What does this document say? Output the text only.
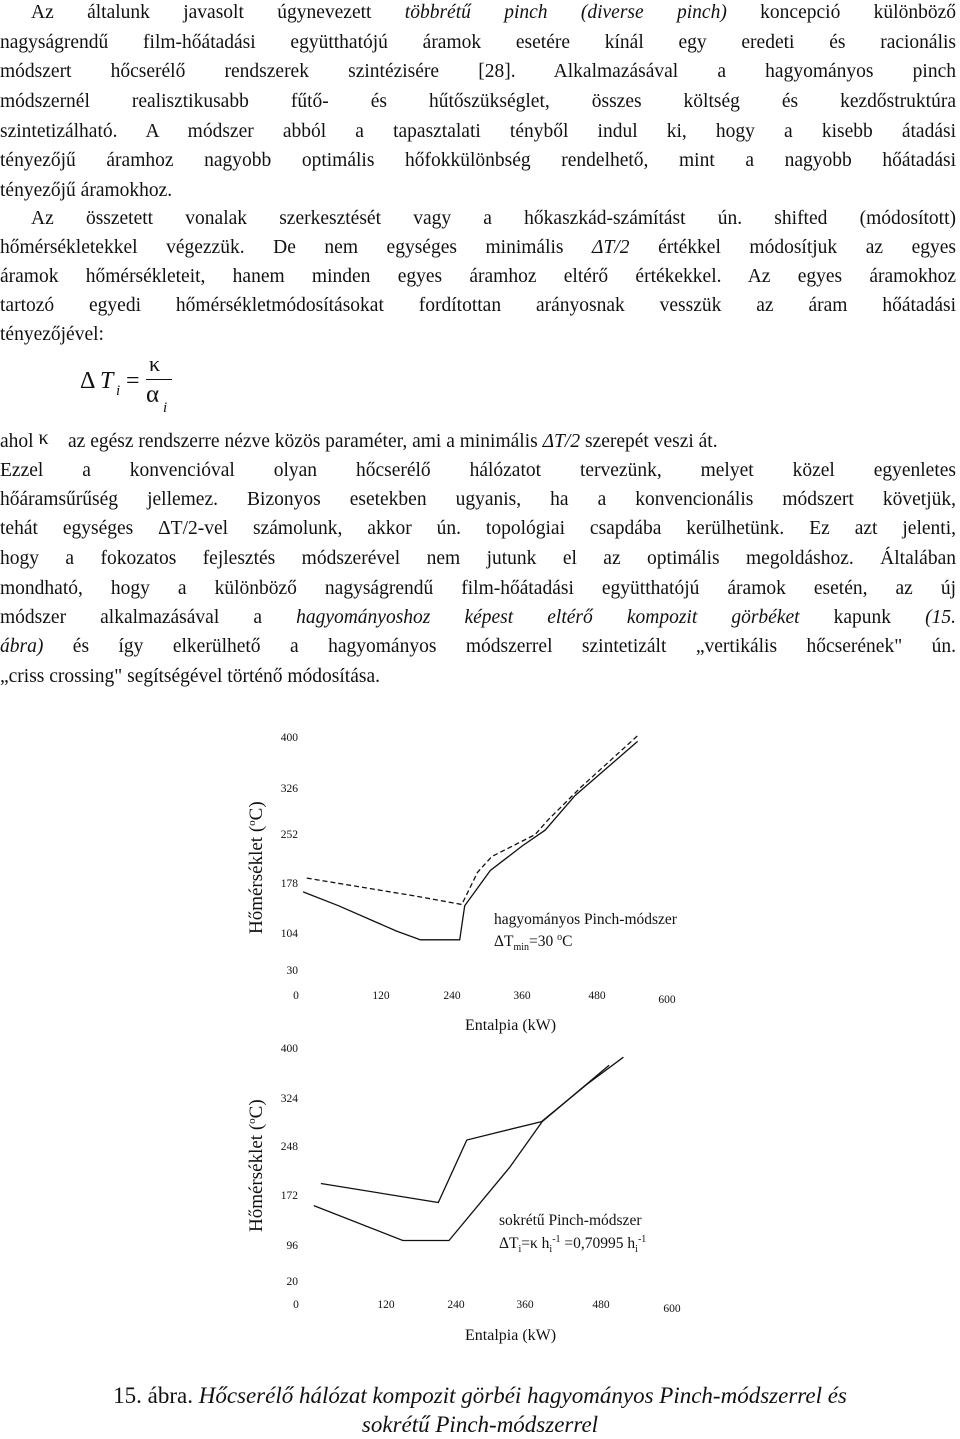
Az általunk javasolt úgynevezett többrétű pinch (diverse pinch) koncepció különböző
nagyságrendű film-hőátadási együtthatójú áramok esetére kínál egy eredeti és racionális
módszert hőcserélő rendszerek szintézisére [28]. Alkalmazásával a hagyományos pinch
módszernél realisztikusabb fűtő- és hűtőszükséglet, összes költség és kezdőstruktúra
szintetizálható. A módszer abból a tapasztalati tényből indul ki, hogy a kisebb átadási
tényezőjű áramhoz nagyobb optimális hőfokkülönbség rendelhető, mint a nagyobb hőátadási
tényezőjű áramokhoz.
Az összetett vonalak szerkesztését vagy a hőkaszkád-számítást ún. shifted (módosított)
hőmérsékletekkel végezzük. De nem egységes minimális ΔT/2 értékkel módosítjuk az egyes
áramok hőmérsékleteit, hanem minden egyes áramhoz eltérő értékekkel. Az egyes áramokhoz
tartozó egyedi hőmérsékletmódosításokat fordítottan arányosnak vesszük az áram hőátadási
tényezőjével:
Δ T i =
κ
α i
ahol κ    az egész rendszerre nézve közös paraméter, ami a minimális ΔT/2 szerepét veszi át.
Ezzel a konvencióval olyan hőcserélő hálózatot tervezünk, melyet közel egyenletes
hőáramsűrűség jellemez. Bizonyos esetekben ugyanis, ha a konvencionális módszert követjük,
tehát egységes ΔT/2-vel számolunk, akkor ún. topológiai csapdába kerülhetünk. Ez azt jelenti,
hogy a fokozatos fejlesztés módszerével nem jutunk el az optimális megoldáshoz. Általában
mondható, hogy a különböző nagyságrendű film-hőátadási együtthatójú áramok esetén, az új
módszer alkalmazásával a hagyományoshoz képest eltérő kompozit görbéket kapunk (15.
ábra) és így elkerülhető a hagyományos módszerrel szintetizált „vertikális hőcserének" ún.
„criss crossing" segítségével történő módosítása.
400
326
252
178
104
30
0	120	240	360	480	600
Hőmérséklet ($^o$C)
Entalpia (kW)
hagyományos Pinch-módszer
$\Delta T_{min}=30$ $^o$C
400
324
248
172
96
20
0	120	240	360	480	600
Hőmérséklet ($^o$C)
Entalpia (kW)
sokrétű Pinch-módszer
$\Delta T_i=\kappa$ $h_i^{-1} =0,70995$ $h_i^{-1}$
15. ábra. Hőcserélő hálózat kompozit görbéi hagyományos Pinch-módszerrel és
sokrétű Pinch-módszerrel
